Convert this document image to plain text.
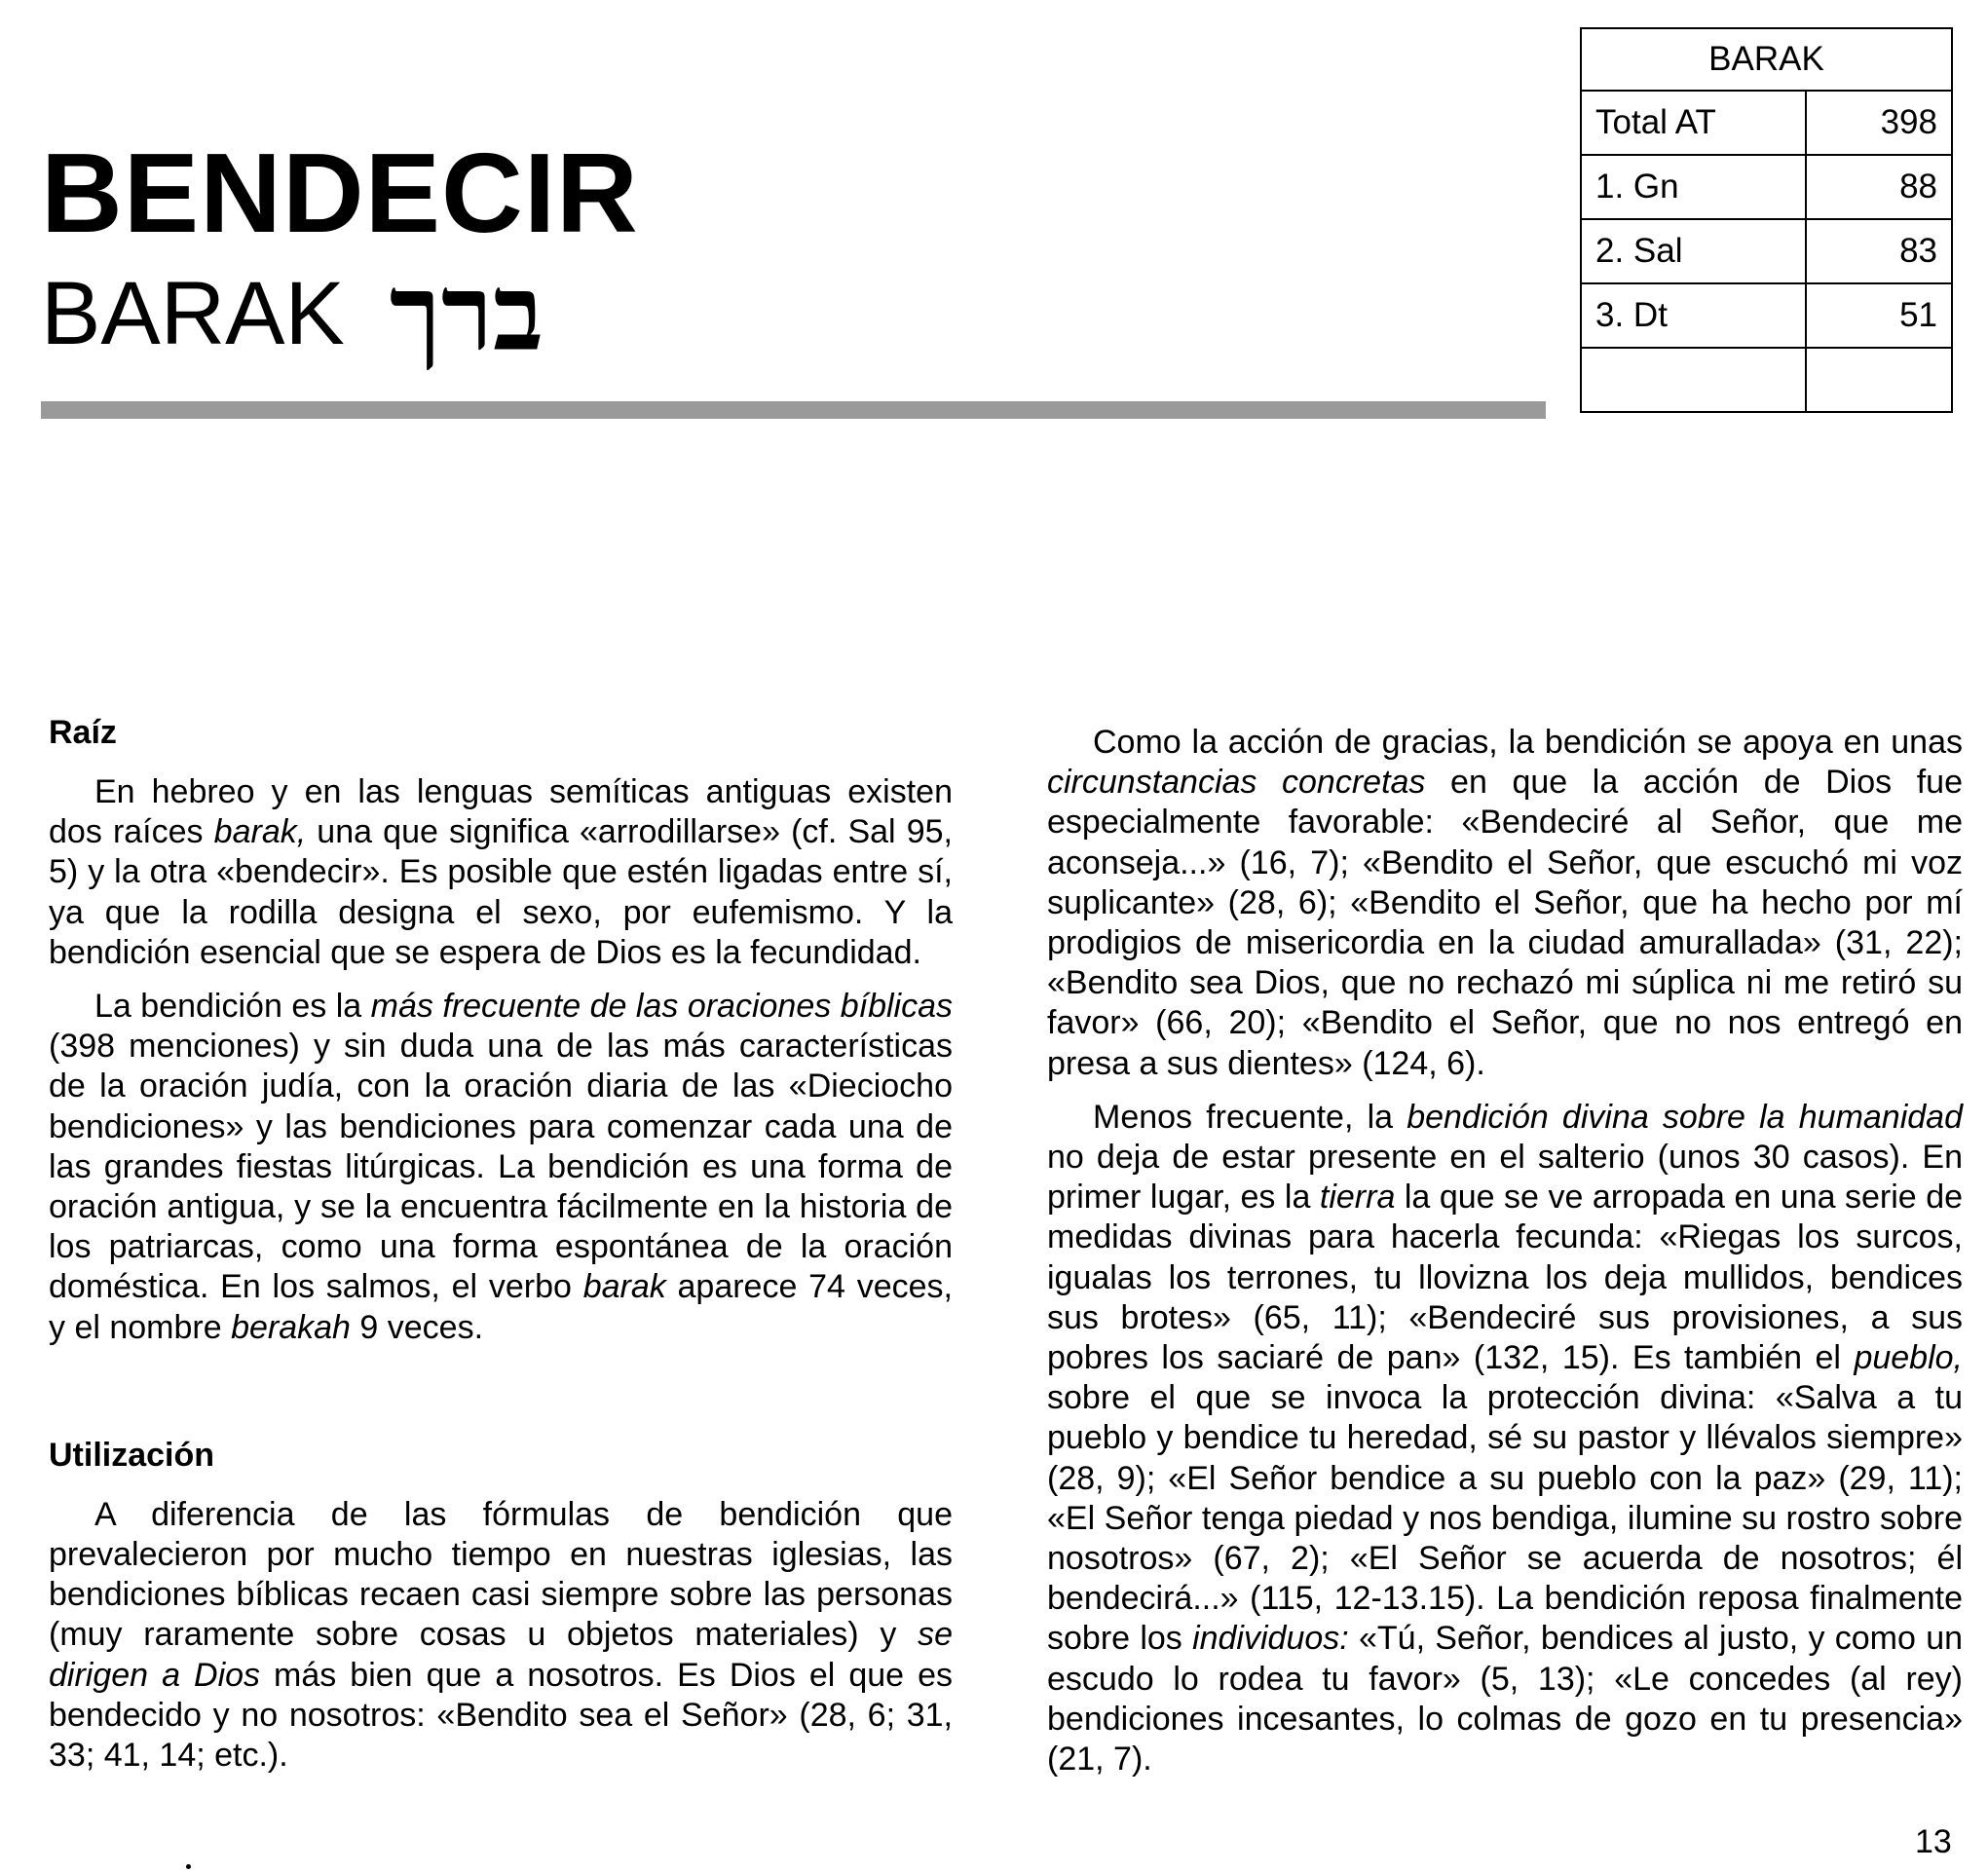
BENDECIR
BARAK ברך
BARAK	
Total AT	398
1. Gn	88
2. Sal	83
3. Dt	51

Raíz

En hebreo y en las lenguas semíticas antiguas existen dos raíces barak, una que significa «arrodillarse» (cf. Sal 95, 5) y la otra «bendecir». Es posible que estén ligadas entre sí, ya que la rodilla designa el sexo, por eufemismo. Y la bendición esencial que se espera de Dios es la fecundidad.

La bendición es la más frecuente de las oraciones bíblicas (398 menciones) y sin duda una de las más características de la oración judía, con la oración diaria de las «Dieciocho bendiciones» y las bendiciones para comenzar cada una de las grandes fiestas litúrgicas. La bendición es una forma de oración antigua, y se la encuentra fácilmente en la historia de los patriarcas, como una forma espontánea de la oración doméstica. En los salmos, el verbo barak aparece 74 veces, y el nombre berakah 9 veces.

Utilización

A diferencia de las fórmulas de bendición que prevalecieron por mucho tiempo en nuestras iglesias, las bendiciones bíblicas recaen casi siempre sobre las personas (muy raramente sobre cosas u objetos materiales) y se dirigen a Dios más bien que a nosotros. Es Dios el que es bendecido y no nosotros: «Bendito sea el Señor» (28, 6; 31, 33; 41, 14; etc.).

Como la acción de gracias, la bendición se apoya en unas circunstancias concretas en que la acción de Dios fue especialmente favorable: «Bendeciré al Señor, que me aconseja...» (16, 7); «Bendito el Señor, que escuchó mi voz suplicante» (28, 6); «Bendito el Señor, que ha hecho por mí prodigios de misericordia en la ciudad amurallada» (31, 22); «Bendito sea Dios, que no rechazó mi súplica ni me retiró su favor» (66, 20); «Bendito el Señor, que no nos entregó en presa a sus dientes» (124, 6).

Menos frecuente, la bendición divina sobre la humanidad no deja de estar presente en el salterio (unos 30 casos). En primer lugar, es la tierra la que se ve arropada en una serie de medidas divinas para hacerla fecunda: «Riegas los surcos, igualas los terrones, tu llovizna los deja mullidos, bendices sus brotes» (65, 11); «Bendeciré sus provisiones, a sus pobres los saciaré de pan» (132, 15). Es también el pueblo, sobre el que se invoca la protección divina: «Salva a tu pueblo y bendice tu heredad, sé su pastor y llévalos siempre» (28, 9); «El Señor bendice a su pueblo con la paz» (29, 11); «El Señor tenga piedad y nos bendiga, ilumine su rostro sobre nosotros» (67, 2); «El Señor se acuerda de nosotros; él bendecirá...» (115, 12-13.15). La bendición reposa finalmente sobre los individuos: «Tú, Señor, bendices al justo, y como un escudo lo rodea tu favor» (5, 13); «Le concedes (al rey) bendiciones incesantes, lo colmas de gozo en tu presencia» (21, 7).

13
